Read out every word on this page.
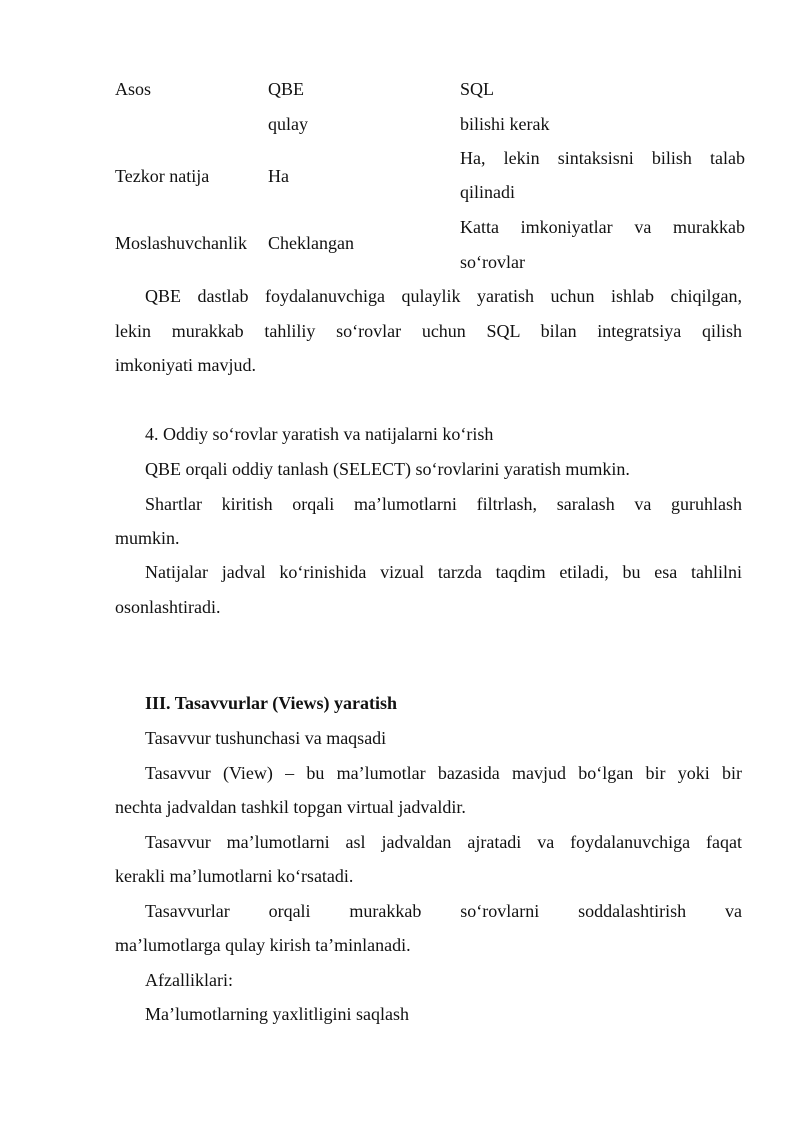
Asos	QBE
qulay
SQL
bilishi kerak
Tezkor natija	Ha
Ha, lekin sintaksisni bilish talab
qilinadi
Moslashuvchanlik Cheklangan
Katta imkoniyatlar va murakkab
so‘rovlar
QBE dastlab foydalanuvchiga qulaylik yaratish uchun ishlab chiqilgan,
lekin murakkab tahliliy so‘rovlar uchun SQL bilan integratsiya qilish
imkoniyati mavjud.
4. Oddiy so‘rovlar yaratish va natijalarni ko‘rish
QBE orqali oddiy tanlash (SELECT) so‘rovlarini yaratish mumkin.
Shartlar kiritish orqali ma’lumotlarni filtrlash, saralash va guruhlash
mumkin.
Natijalar jadval ko‘rinishida vizual tarzda taqdim etiladi, bu esa tahlilni
osonlashtiradi.
III. Tasavvurlar (Views) yaratish
Tasavvur tushunchasi va maqsadi
Tasavvur (View) – bu ma’lumotlar bazasida mavjud bo‘lgan bir yoki bir
nechta jadvaldan tashkil topgan virtual jadvaldir.
Tasavvur ma’lumotlarni asl jadvaldan ajratadi va foydalanuvchiga faqat
kerakli ma’lumotlarni ko‘rsatadi.
Tasavvurlar orqali murakkab so‘rovlarni soddalashtirish va
ma’lumotlarga qulay kirish ta’minlanadi.
Afzalliklari:
Ma’lumotlarning yaxlitligini saqlash
